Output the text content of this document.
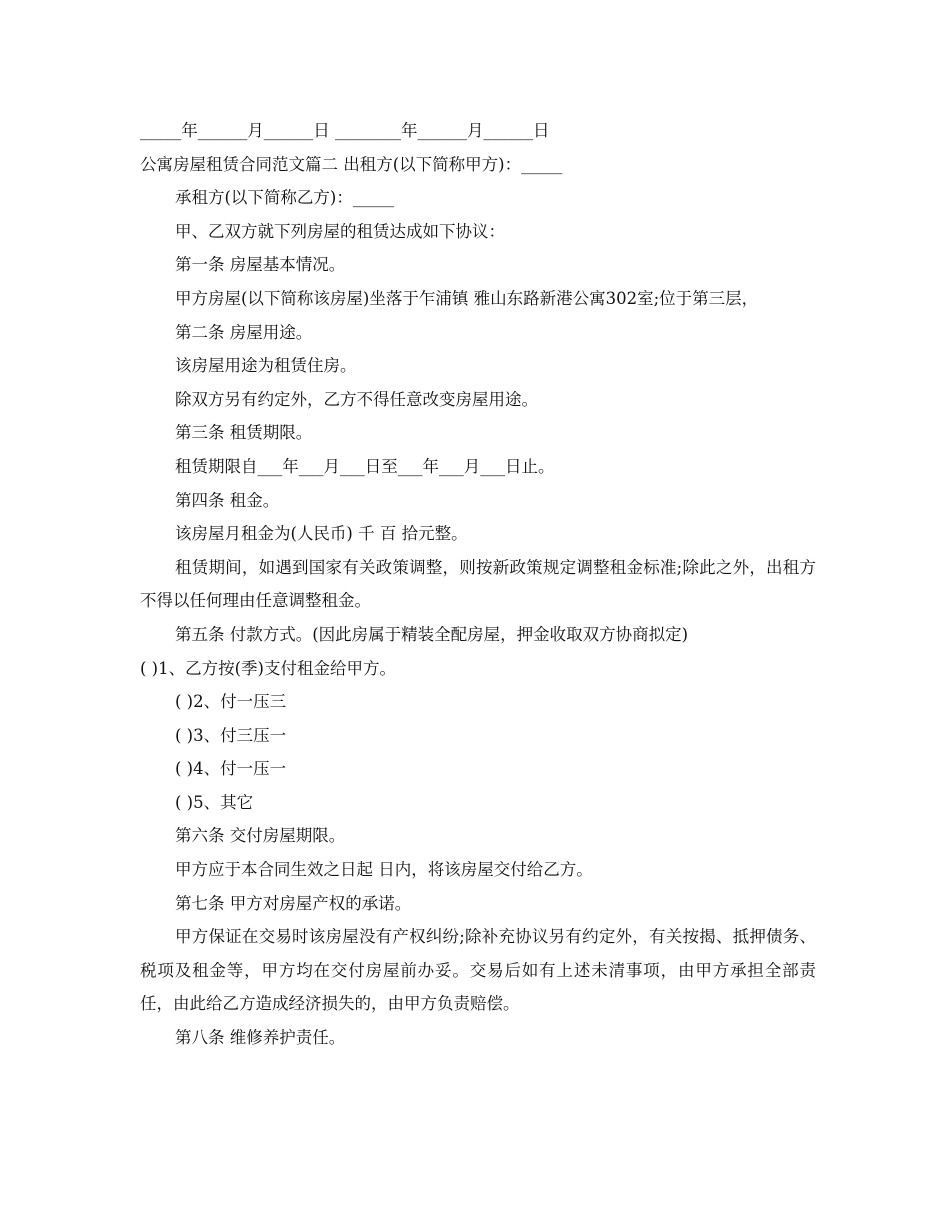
_____年______月______日 ________年______月______日
公寓房屋租赁合同范文篇二 出租方(以下简称甲方)：_____
承租方(以下简称乙方)：_____
甲、乙双方就下列房屋的租赁达成如下协议：
第一条 房屋基本情况。
甲方房屋(以下简称该房屋)坐落于乍浦镇 雅山东路新港公寓302室;位于第三层，
第二条 房屋用途。
该房屋用途为租赁住房。
除双方另有约定外，乙方不得任意改变房屋用途。
第三条 租赁期限。
租赁期限自___年___月___日至___年___月___日止。
第四条 租金。
该房屋月租金为(人民币) 千 百 拾元整。
租赁期间，如遇到国家有关政策调整，则按新政策规定调整租金标准;除此之外，出租方不得以任何理由任意调整租金。
第五条 付款方式。(因此房属于精装全配房屋，押金收取双方协商拟定)
( )1、乙方按(季)支付租金给甲方。
( )2、付一压三
( )3、付三压一
( )4、付一压一
( )5、其它
第六条 交付房屋期限。
甲方应于本合同生效之日起 日内，将该房屋交付给乙方。
第七条 甲方对房屋产权的承诺。
甲方保证在交易时该房屋没有产权纠纷;除补充协议另有约定外，有关按揭、抵押债务、税项及租金等，甲方均在交付房屋前办妥。交易后如有上述未清事项，由甲方承担全部责任，由此给乙方造成经济损失的，由甲方负责赔偿。
第八条 维修养护责任。
